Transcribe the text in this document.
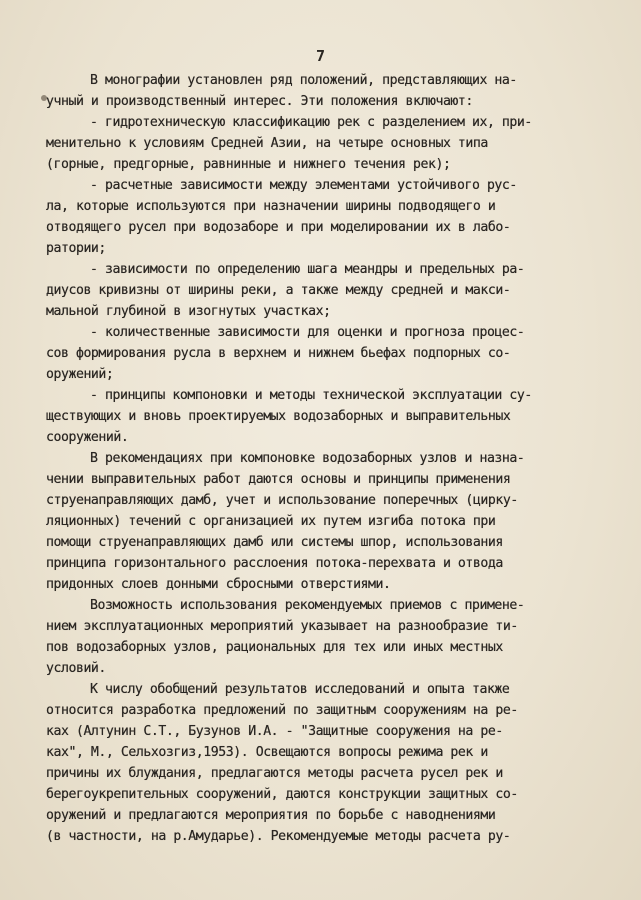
7
В монографии установлен ряд положений, представляющих на-
учный и производственный интерес. Эти положения включают:
- гидротехническую классификацию рек с разделением их, при-
менительно к условиям Средней Азии, на четыре основных типа
(горные, предгорные, равнинные и нижнего течения рек);
- расчетные зависимости между элементами устойчивого рус-
ла, которые используются при назначении ширины подводящего и
отводящего русел при водозаборе и при моделировании их в лабо-
ратории;
- зависимости по определению шага меандры и предельных ра-
диусов кривизны от ширины реки, а также между средней и макси-
мальной глубиной в изогнутых участках;
- количественные зависимости для оценки и прогноза процес-
сов формирования русла в верхнем и нижнем бьефах подпорных со-
оружений;
- принципы компоновки и методы технической эксплуатации су-
ществующих и вновь проектируемых водозаборных и выправительных
сооружений.
В рекомендациях при компоновке водозаборных узлов и назна-
чении выправительных работ даются основы и принципы применения
струенаправляющих дамб, учет и использование поперечных (цирку-
ляционных) течений с организацией их путем изгиба потока при
помощи струенаправляющих дамб или системы шпор, использования
принципа горизонтального расслоения потока-перехвата и отвода
придонных слоев донными сбросными отверстиями.
Возможность использования рекомендуемых приемов с примене-
нием эксплуатационных мероприятий указывает на разнообразие ти-
пов водозаборных узлов, рациональных для тех или иных местных
условий.
К числу обобщений результатов исследований и опыта также
относится разработка предложений по защитным сооружениям на ре-
ках (Алтунин С.Т., Бузунов И.А. - "Защитные сооружения на ре-
ках", М., Сельхозгиз,1953). Освещаются вопросы режима рек и
причины их блуждания, предлагаются методы расчета русел рек и
берегоукрепительных сооружений, даются конструкции защитных со-
оружений и предлагаются мероприятия по борьбе с наводнениями
(в частности, на р.Амударье). Рекомендуемые методы расчета ру-
